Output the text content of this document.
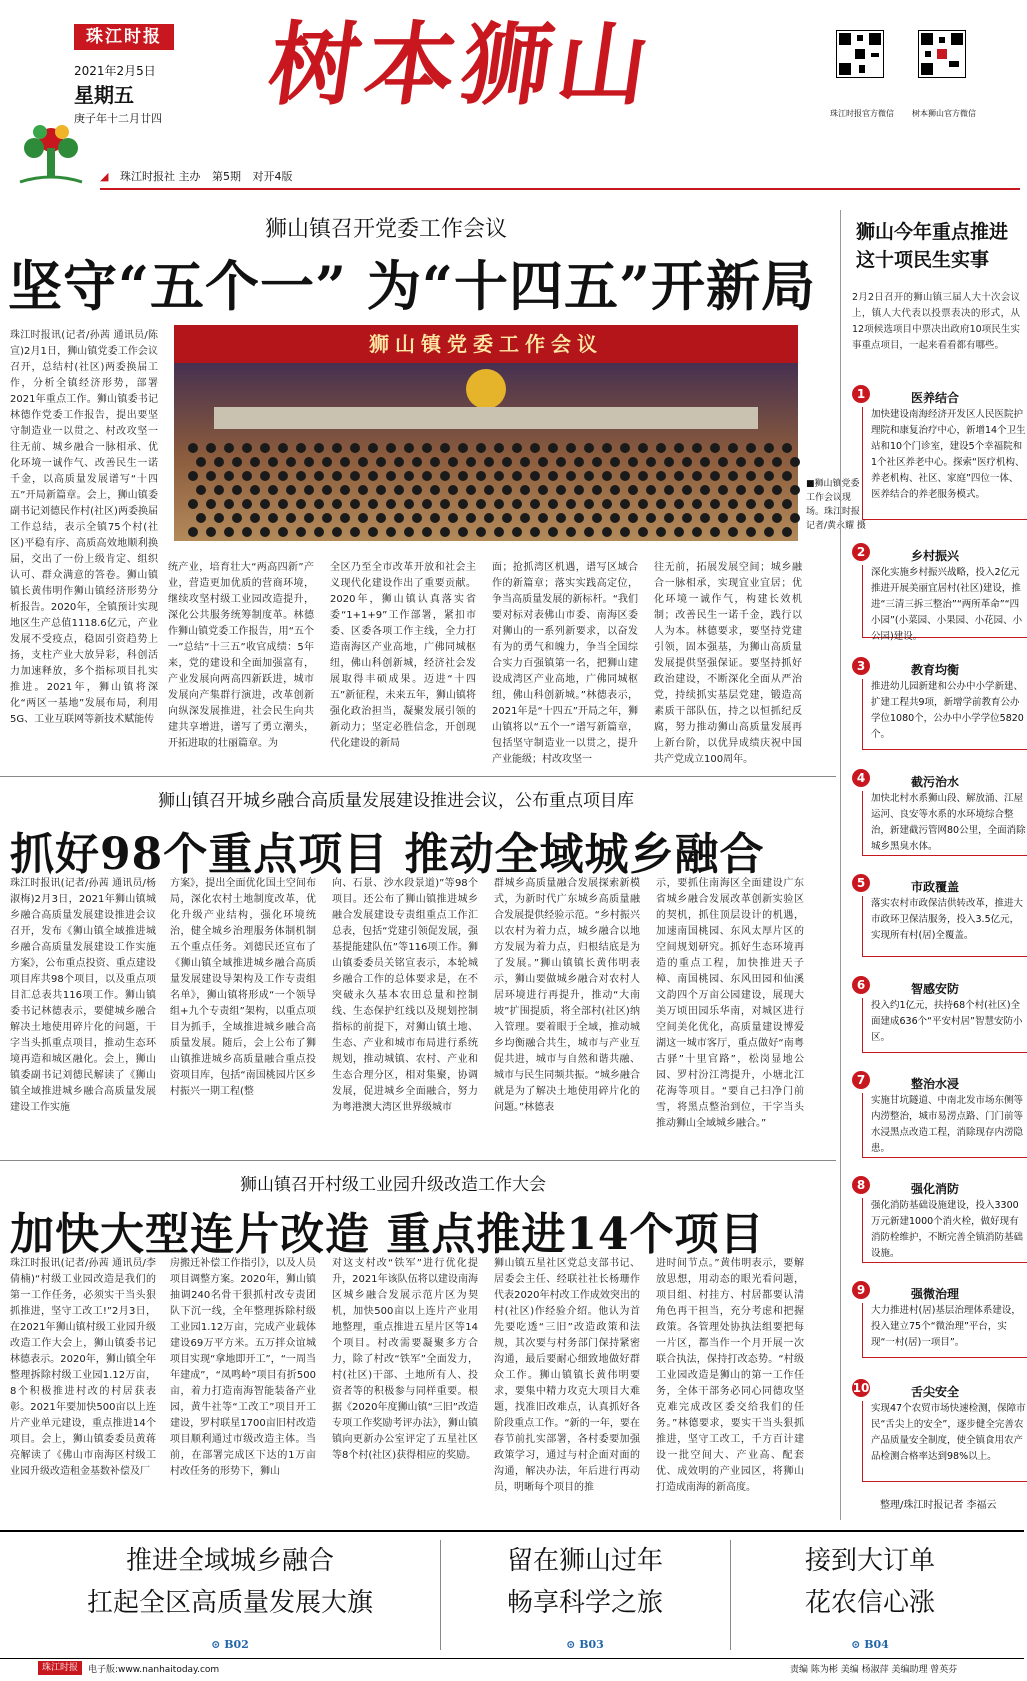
珠江时报
2021年2月5日
星期五
庚子年十二月廿四
树本狮山	珠江时报官方微信 树本狮山官方微信
◢ 珠江时报社 主办 第5期 对开4版
狮山镇召开党委工作会议
坚守“五个一” 为“十四五”开新局
狮山镇党委工作会议
■狮山镇党委工作会议现场。珠江时报记者/黄永耀 摄
珠江时报讯(记者/孙茜 通讯员/陈宣)2月1日，狮山镇党委工作会议召开，总结村(社区)两委换届工作，分析全镇经济形势，部署2021年重点工作。狮山镇委书记林德作党委工作报告，提出要坚守制造业一以贯之、村改攻坚一往无前、城乡融合一脉相承、优化环境一诚作气、改善民生一诺千金，以高质量发展谱写“十四五”开局新篇章。会上，狮山镇委副书记刘德民作村(社区)两委换届工作总结，表示全镇75个村(社区)平稳有序、高质高效地顺利换届，交出了一份上级肯定、组织认可、群众满意的答卷。狮山镇镇长黄伟明作狮山镇经济形势分析报告。2020年，全镇预计实现地区生产总值1118.6亿元，产业发展不受疫点，稳固引资趋势上扬，支柱产业大放异彩，科创活力加速释放，多个指标项目扎实推进。2021年，狮山镇将深化“两区一基地”发展布局，利用5G、工业互联网等新技术赋能传
统产业，培育壮大“两高四新”产业，营造更加优质的营商环境，继续攻坚村级工业园改造提升，深化公共服务统筹制度革。林德作狮山镇党委工作报告，用“五个一”总结“十三五”收官成绩：5年来，党的建设和全面加强富有，产业发展向两高四新跃进，城市发展向产集群行演进，改革创新向纵深发展推进，社会民生向共建共享增进，谱写了勇立潮头，开拓进取的壮丽篇章。为
全区乃至全市改革开放和社会主义现代化建设作出了重要贡献。2020年，狮山镇认真落实省委“1+1+9”工作部署，紧扣市委、区委各项工作主线，全力打造南海区产业高地，广佛同城枢纽，佛山科创新城，经济社会发展取得丰硕成果。迈进“十四五”新征程，未来五年，狮山镇将强化政治担当，凝聚发展引领的新动力；坚定必胜信念，开创现代化建设的新局
面；抢抓湾区机遇，谱写区域合作的新篇章；落实实践高定位，争当高质量发展的新标杆。“我们要对标对表佛山市委、南海区委对狮山的一系列新要求，以奋发有为的勇气和魄力，争当全国综合实力百强镇第一名，把狮山建设成湾区产业高地，广佛同城枢纽，佛山科创新城。”林德表示，2021年是“十四五”开局之年，狮山镇将以“五个一”谱写新篇章，包括坚守制造业一以贯之，提升产业能级；村改攻坚一
往无前，拓展发展空间；城乡融合一脉相承，实现宜业宜居；优化环境一诚作气，构建长效机制；改善民生一诺千金，践行以人为本。林德要求，要坚持党建引领，固本强基，为狮山高质量发展提供坚强保证。要坚持抓好政治建设，不断深化全面从严治党，持续抓实基层党建，锻造高素质干部队伍，持之以恒抓纪反腐，努力推动狮山高质量发展再上新台阶，以优异成绩庆祝中国共产党成立100周年。
狮山今年重点推进
这十项民生实事
2月2日召开的狮山镇三届人大十次会议上，镇人大代表以投票表决的形式，从12项候选项目中票决出政府10项民生实事重点项目，一起来看看都有哪些。
1	医养结合
加快建设南海经济开发区人民医院护理院和康复治疗中心，新增14个卫生站和10个门诊室，建设5个幸福院和1个社区养老中心。探索“医疗机构、养老机构、社区、家庭”四位一体、医养结合的养老服务模式。
2	乡村振兴
深化实施乡村振兴战略，投入2亿元推进开展美丽宜居村(社区)建设，推进“三清三拆三整治”“两所革命”“四小园”(小菜园、小果园、小花园、小公园)建设。
3	教育均衡
推进幼儿园新建和公办中小学新建、扩建工程共9项，新增学前教育公办学位1080个，公办中小学学位5820个。
4	截污治水
加快北村水系狮山段、解放涌、江屋运河、良安等水系的水环境综合整治，新建截污管网80公里，全面消除城乡黑臭水体。
5	市政覆盖
落实农村市政保洁供转改革，推进大市政环卫保洁服务，投入3.5亿元，实现所有村(居)全覆盖。
6	智感安防
投入约1亿元，扶持68个村(社区)全面建成636个“平安村居”智慧安防小区。
7	整治水浸
实施甘坑隧道、中南北发市场东侧等内涝整治，城市易涝点路、门门前等水浸黑点改造工程，消除现存内涝隐患。
8	强化消防
强化消防基础设施建设，投入3300万元新建1000个消火栓，做好现有消防栓维护，不断完善全镇消防基础设施。
9	强微治理
大力推进村(居)基层治理体系建设，投入建立75个“微治理”平台，实现“一村(居)一项目”。
10	舌尖安全
实现47个农贸市场快速检测，保障市民“舌尖上的安全”，逐步健全完善农产品质量安全制度，使全镇食用农产品检测合格率达到98%以上。
整理/珠江时报记者 李福云
狮山镇召开城乡融合高质量发展建设推进会议，公布重点项目库
抓好98个重点项目 推动全域城乡融合
珠江时报讯(记者/孙茜 通讯员/杨淑梅)2月3日，2021年狮山镇城乡融合高质量发展建设推进会议召开，发布《狮山镇全域推进城乡融合高质量发展建设工作实施方案》，公布重点投资、重点建设项目库共98个项目，以及重点项目汇总表共116项工作。狮山镇委书记林德表示，要健城乡融合解决土地使用碎片化的问题，干字当头抓重点项目，推动生态环境再造和城区融化。会上，狮山镇委副书记刘德民解读了《狮山镇全域推进城乡融合高质量发展建设工作实施
方案》，提出全面优化国土空间布局，深化农村土地制度改革，优化升级产业结构，强化环境统治，健全城乡治理服务体制机制五个重点任务。刘德民还宣布了《狮山镇全域推进城乡融合高质量发展建设导架构及工作专责组名单》，狮山镇将形成“一个领导组+九个专责组”架构，以重点项目为抓手，全域推进城乡融合高质量发展。随后，会上公布了狮山镇推进城乡高质量融合重点投资项目库，包括“南国桃园片区乡村振兴一期工程(整
向、石景、沙水段景道)”等98个项目。还公布了狮山镇推进城乡融合发展建设专责组重点工作汇总表，包括“党建引领促发展，强基提能建队伍”等116项工作。狮山镇委委员关铭宣表示，本轮城乡融合工作的总体要求是，在不突破永久基本农田总量和控制线、生态保护红线以及规划控制指标的前提下，对狮山镇土地、生态、产业和城市布局进行系统规划，推动城镇、农村、产业和生态合理分区，相对集聚，协调发展，促进城乡全面融合，努力为粤港澳大湾区世界级城市
群城乡高质量融合发展探索新模式，为新时代广东城乡高质量融合发展提供经验示范。“乡村振兴以农村为着力点，城乡融合以地方发展为着力点，归根结底是为了发展。”狮山镇镇长黄伟明表示，狮山要做城乡融合对农村人居环境进行再提升，推动“大南坡”扩围提质，将全部村(社区)纳入管理。要着眼于全域，推动城乡均衡融合共生，城市与产业互促共进，城市与自然和谐共融、城市与民生同频共振。“城乡融合就是为了解决土地使用碎片化的问题。”林德表
示，要抓住南海区全面建设广东省城乡融合发展改革创新实验区的契机，抓住顶层设计的机遇，加速南国桃园、东风太厚片区的空间规划研究。抓好生态环境再造的重点工程，加快推进天子樟、南国桃园、东风田园和仙溪文韵四个万亩公园建设，展现大美万顷田园乐华南，对城区进行空间美化优化，高质量建设博爱湖这一城市客厅，重点做好“南粤古驿”十里官路”，松岗显地公园、罗村汾江湾提升，小塘北江花海等项目。“要自己扫净门前雪，将黑点整治到位，干字当头推动狮山全域城乡融合。”
狮山镇召开村级工业园升级改造工作大会
加快大型连片改造 重点推进14个项目
珠江时报讯(记者/孙茜 通讯员/李倩楠)“村级工业园改造是我们的第一工作任务，必须实干当头狠抓推进，坚守工改工!”2月3日，在2021年狮山镇村级工业园升级改造工作大会上，狮山镇委书记林德表示。2020年，狮山镇全年整理拆除村级工业园1.12万亩，8个积极推进村改的村居获表彰。2021年要加快500亩以上连片产业单元建设，重点推进14个项目。会上，狮山镇委委员黄蒋亮解读了《佛山市南海区村级工业园升级改造租金基数补偿及厂
房搬迁补偿工作指引》，以及人员项目调整方案。2020年，狮山镇抽调240名骨干狠抓村改专责团队下沉一线，全年整理拆除村级工业园1.12万亩，完成产业载体建设69万平方米。五万拌众谊城项目实现“拿地即开工”，“一周当年建成”，“凤鸣岭”项目有折500亩，着力打造南海智能装备产业园，黄牛社等“工改工”项目开工建设，罗村联星1700亩旧村改造项目顺利通过市级改造主体。当前，在部署完成区下达的1万亩村改任务的形势下，狮山
对这支村改“铁军”进行优化提升，2021年该队伍将以建设南海区城乡融合发展示范片区为契机，加快500亩以上连片产业用地整理，重点推进五星片区等14个项目。村改需要凝聚多方合力，除了村改“铁军”全面发力，村(社区)干部、土地所有人、投资者等的积极参与同样重要。根据《2020年度狮山镇“三旧”改造专项工作奖励考评办法》，狮山镇镇向更新办公室评定了五星社区等8个村(社区)获得相应的奖励。
狮山镇五星社区党总支部书记、居委会主任、经联社社长杨珊作代表2020年村改工作成效突出的村(社区)作经验介绍。他认为首先要吃透“三旧”改造政策和法规，其次要与村务部门保持紧密沟通，最后要耐心细致地做好群众工作。狮山镇镇长黄伟明要求，要集中精力攻克大项目大难题，找准旧改难点，认真抓好各阶段重点工作。“新的一年，要在春节前扎实部署，各村委要加强政策学习，通过与村企面对面的沟通，解决办法，年后进行再动员，明晰每个项目的推
进时间节点。”黄伟明表示，要解放思想，用动态的眼光看问题，项目组、村挂方、村居都要认清角色再干担当，充分考虑和把握政策。各管理处协执法组要把每一片区，都当作一个月开展一次联合执法，保持打改态势。“村级工业园改造是狮山的第一工作任务，全体干部务必同心同德攻坚克难完成改区委交给我们的任务。”林德要求，要实干当头狠抓推进，坚守工改工，千方百计建设一批空间大、产业高、配套优、成效明的产业园区，将狮山打造成南海的新高度。
推进全域城乡融合
扛起全区高质量发展大旗
⊙ B02
留在狮山过年
畅享科学之旅
⊙ B03
接到大订单
花农信心涨
⊙ B04
珠江时报	电子版:www.nanhaitoday.com	责编 陈为彬 美编 杨淑萍 美编助理 曾英芬
